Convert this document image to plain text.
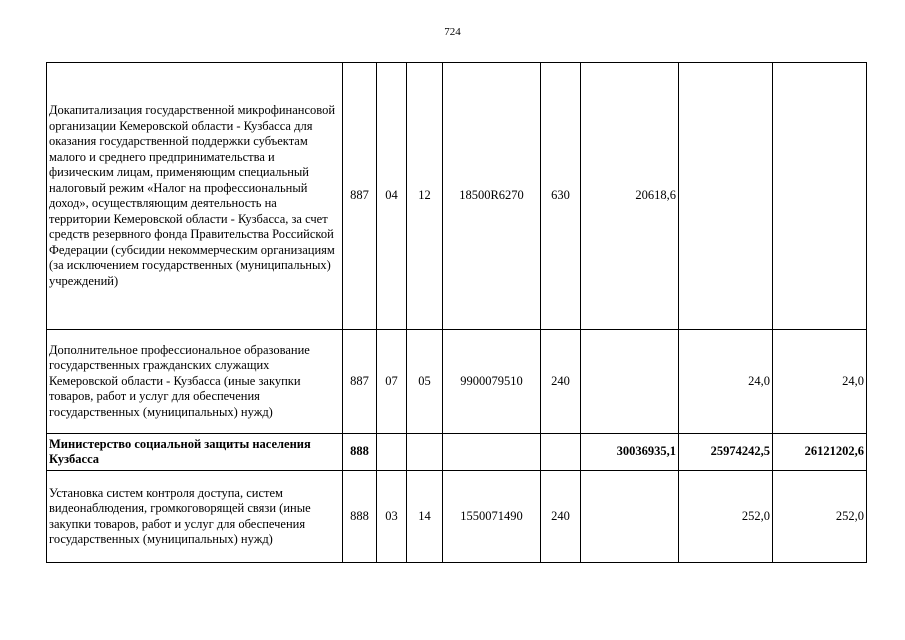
724
Докапитализация государственной микрофинансовой организации Кемеровской области - Кузбасса для оказания государственной поддержки субъектам малого и среднего предпринимательства и физическим лицам, применяющим специальный налоговый режим «Налог на профессиональный доход», осуществляющим деятельность на территории Кемеровской области - Кузбасса, за счет средств резервного фонда Правительства Российской Федерации (субсидии некоммерческим организациям (за исключением государственных (муниципальных) учреждений)	887	04	12	18500R6270	630	20618,6		
Дополнительное профессиональное образование государственных гражданских служащих Кемеровской области - Кузбасса (иные закупки товаров, работ и услуг для обеспечения государственных (муниципальных) нужд)	887	07	05	9900079510	240		24,0	24,0
Министерство социальной защиты населения Кузбасса	888					30036935,1	25974242,5	26121202,6
Установка систем контроля доступа, систем видеонаблюдения, громкоговорящей связи (иные закупки товаров, работ и услуг для обеспечения государственных (муниципальных) нужд)	888	03	14	1550071490	240		252,0	252,0
